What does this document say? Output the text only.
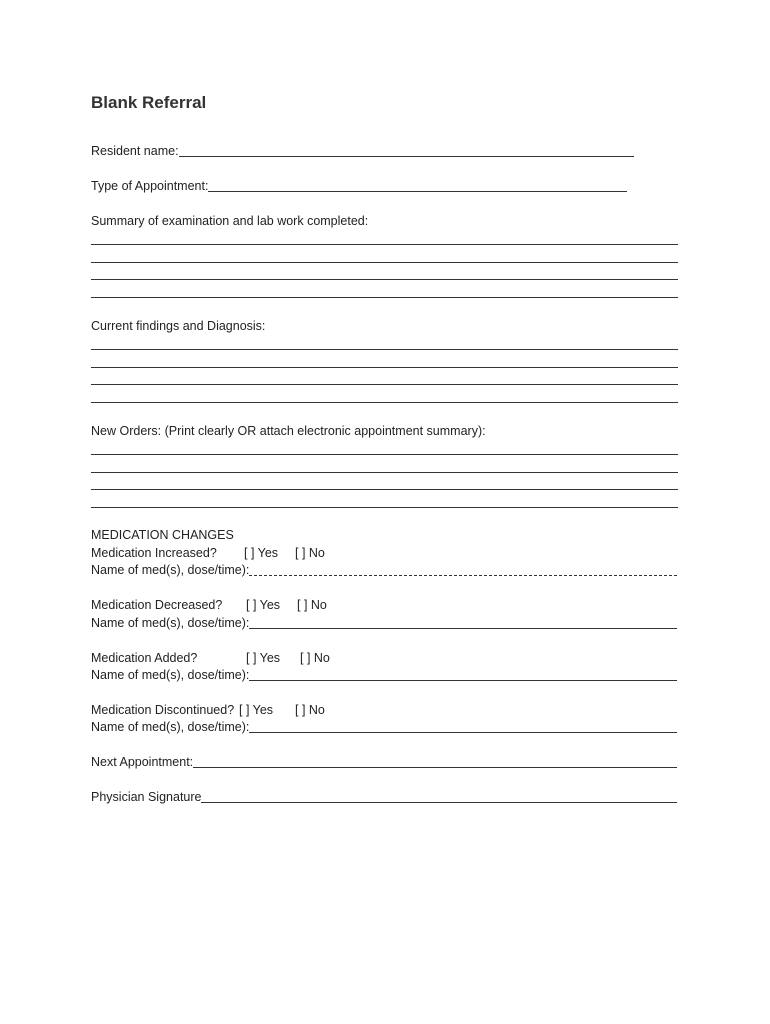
Blank Referral
Resident name:
Type of Appointment:
Summary of examination and lab work completed:
Current findings and Diagnosis:
New Orders: (Print clearly OR attach electronic appointment summary):
MEDICATION CHANGES
Medication Increased? [ ] Yes [ ] No
Name of med(s), dose/time):
Medication Decreased? [ ] Yes [ ] No
Name of med(s), dose/time):
Medication Added?	[ ] Yes [ ] No
Name of med(s), dose/time):
Medication Discontinued? [ ] Yes [ ] No
Name of med(s), dose/time):
Next Appointment:
Physician Signature
